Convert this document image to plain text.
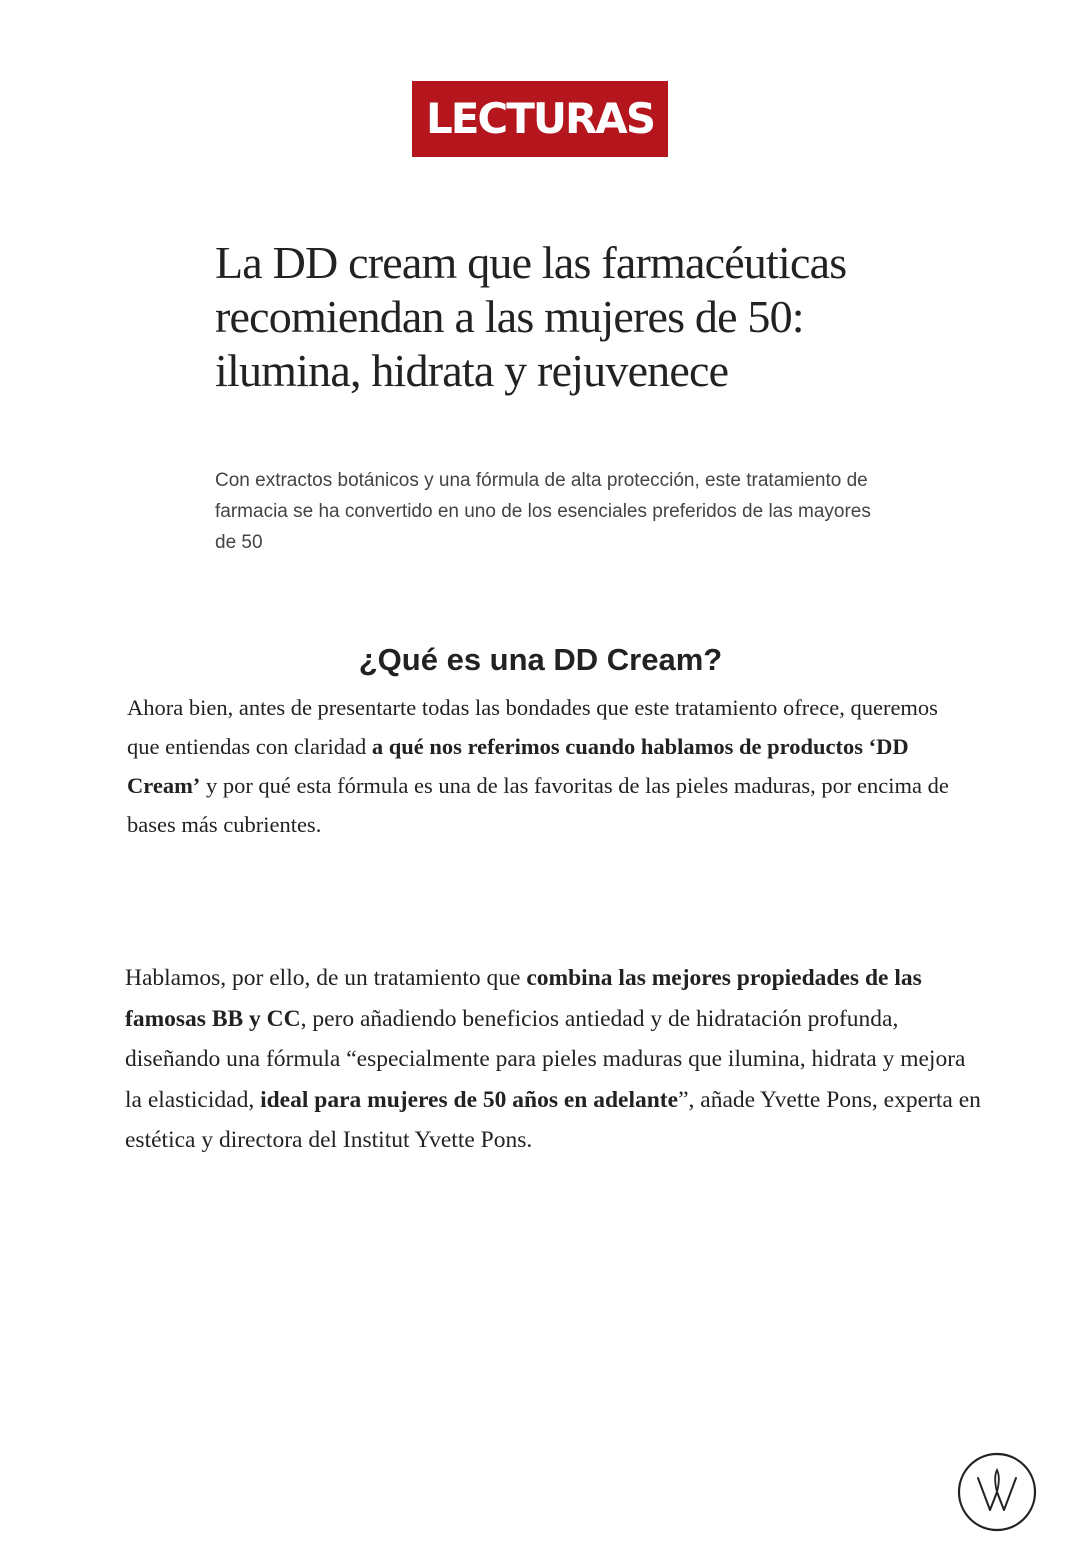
LECTURAS
La DD cream que las farmacéuticas recomiendan a las mujeres de 50: ilumina, hidrata y rejuvenece

Con extractos botánicos y una fórmula de alta protección, este tratamiento de farmacia se ha convertido en uno de los esenciales preferidos de las mayores de 50

¿Qué es una DD Cream?

Ahora bien, antes de presentarte todas las bondades que este tratamiento ofrece, queremos que entiendas con claridad a qué nos referimos cuando hablamos de productos ‘DD Cream’ y por qué esta fórmula es una de las favoritas de las pieles maduras, por encima de bases más cubrientes.

Hablamos, por ello, de un tratamiento que combina las mejores propiedades de las famosas BB y CC, pero añadiendo beneficios antiedad y de hidratación profunda, diseñando una fórmula “especialmente para pieles maduras que ilumina, hidrata y mejora la elasticidad, ideal para mujeres de 50 años en adelante”, añade Yvette Pons, experta en estética y directora del Institut Yvette Pons.
